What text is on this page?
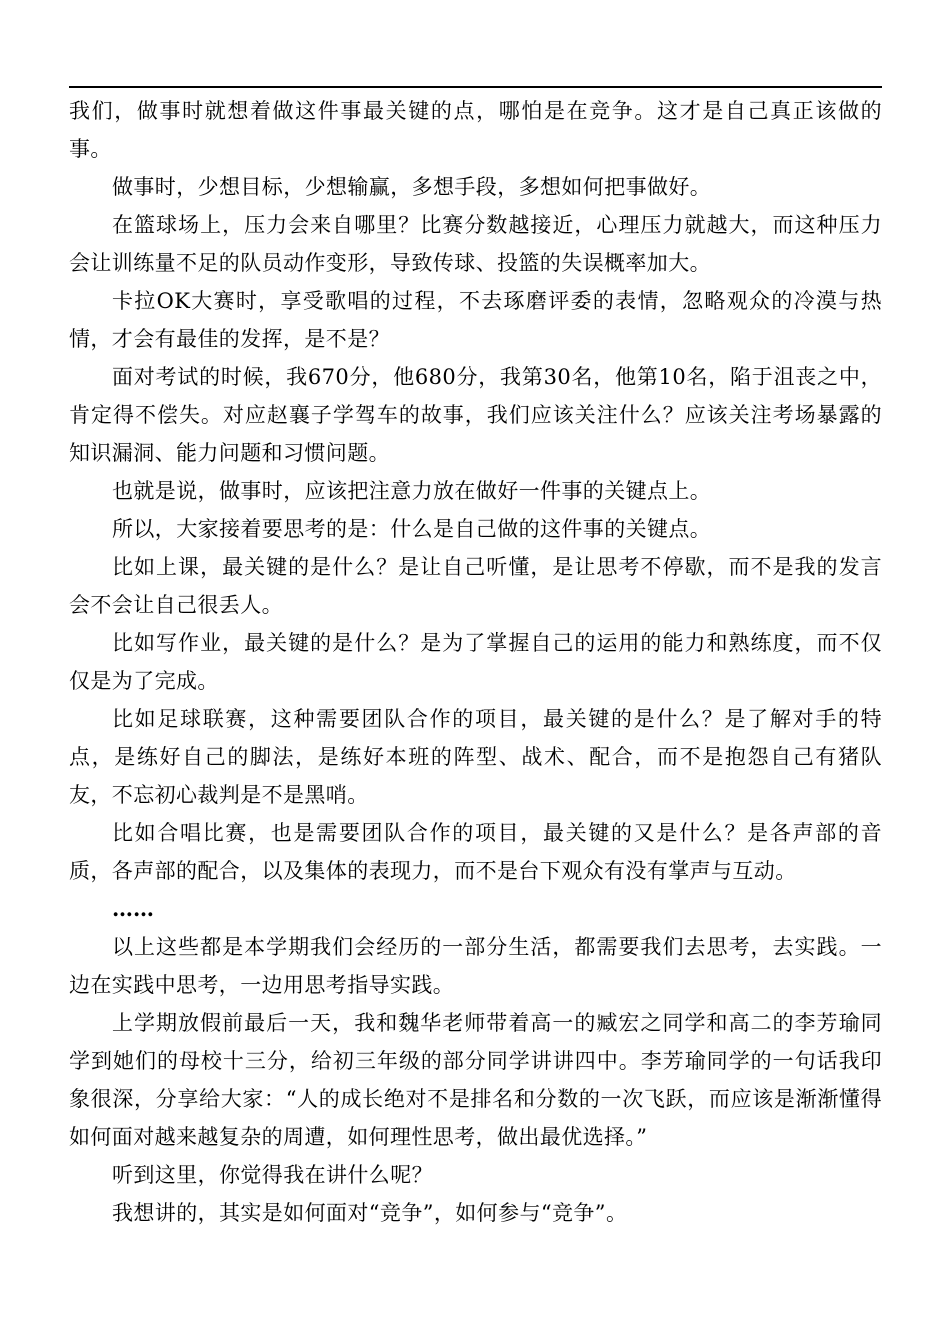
我们，做事时就想着做这件事最关键的点，哪怕是在竞争。这才是自己真正该做的事。

做事时，少想目标，少想输赢，多想手段，多想如何把事做好。

在篮球场上，压力会来自哪里？比赛分数越接近，心理压力就越大，而这种压力会让训练量不足的队员动作变形，导致传球、投篮的失误概率加大。

卡拉OK大赛时，享受歌唱的过程，不去琢磨评委的表情，忽略观众的冷漠与热情，才会有最佳的发挥，是不是？

面对考试的时候，我670分，他680分，我第30名，他第10名，陷于沮丧之中，肯定得不偿失。对应赵襄子学驾车的故事，我们应该关注什么？应该关注考场暴露的知识漏洞、能力问题和习惯问题。

也就是说，做事时，应该把注意力放在做好一件事的关键点上。

所以，大家接着要思考的是：什么是自己做的这件事的关键点。

比如上课，最关键的是什么？是让自己听懂，是让思考不停歇，而不是我的发言会不会让自己很丢人。

比如写作业，最关键的是什么？是为了掌握自己的运用的能力和熟练度，而不仅仅是为了完成。

比如足球联赛，这种需要团队合作的项目，最关键的是什么？是了解对手的特点，是练好自己的脚法，是练好本班的阵型、战术、配合，而不是抱怨自己有猪队友，不忘初心裁判是不是黑哨。

比如合唱比赛，也是需要团队合作的项目，最关键的又是什么？是各声部的音质，各声部的配合，以及集体的表现力，而不是台下观众有没有掌声与互动。

……

以上这些都是本学期我们会经历的一部分生活，都需要我们去思考，去实践。一边在实践中思考，一边用思考指导实践。

上学期放假前最后一天，我和魏华老师带着高一的臧宏之同学和高二的李芳瑜同学到她们的母校十三分，给初三年级的部分同学讲讲四中。李芳瑜同学的一句话我印象很深，分享给大家：“人的成长绝对不是排名和分数的一次飞跃，而应该是渐渐懂得如何面对越来越复杂的周遭，如何理性思考，做出最优选择。”

听到这里，你觉得我在讲什么呢？

我想讲的，其实是如何面对“竞争”，如何参与“竞争”。
